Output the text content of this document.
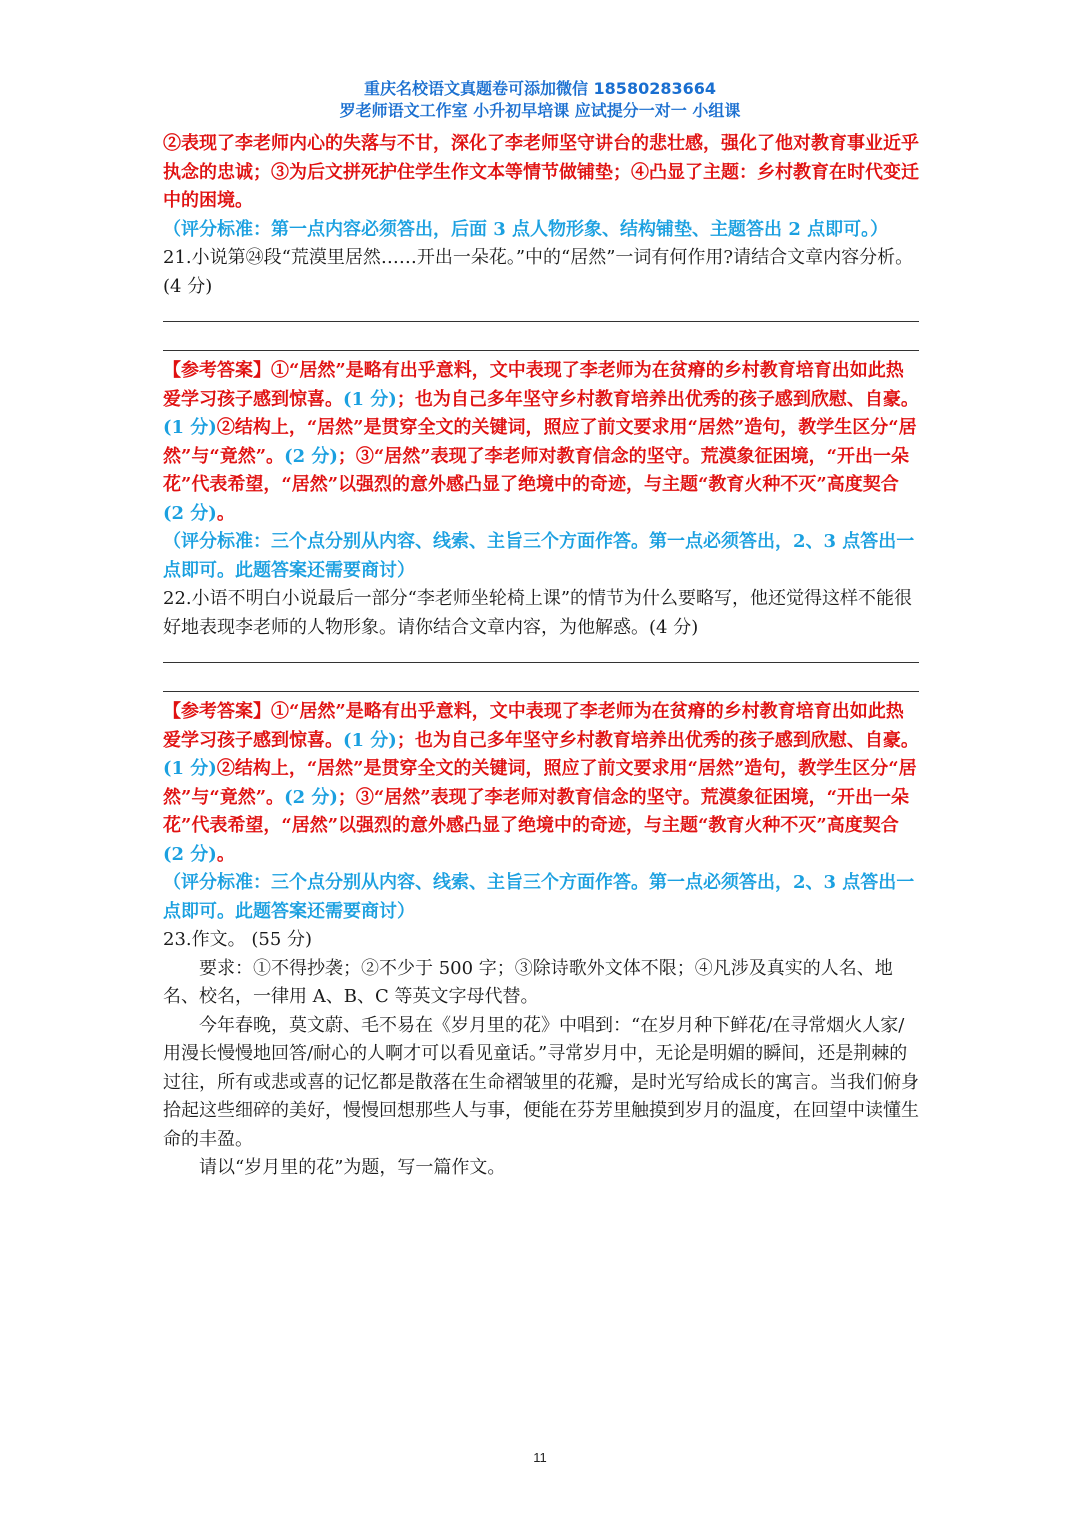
重庆名校语文真题卷可添加微信 18580283664
罗老师语文工作室 小升初早培课 应试提分一对一 小组课

②表现了李老师内心的失落与不甘，深化了李老师坚守讲台的悲壮感，强化了他对教育事业近乎执念的忠诚；③为后文拼死护住学生作文本等情节做铺垫；④凸显了主题：乡村教育在时代变迁中的困境。

（评分标准：第一点内容必须答出，后面 3 点人物形象、结构铺垫、主题答出 2 点即可。）

21.小说第㉔段“荒漠里居然……开出一朵花。”中的“居然”一词有何作用?请结合文章内容分析。(4 分)

【参考答案】①“居然”是略有出乎意料，文中表现了李老师为在贫瘠的乡村教育培育出如此热爱学习孩子感到惊喜。(1 分)；也为自己多年坚守乡村教育培养出优秀的孩子感到欣慰、自豪。(1 分)②结构上，“居然”是贯穿全文的关键词，照应了前文要求用“居然”造句，教学生区分“居然”与“竟然”。(2 分)；③“居然”表现了李老师对教育信念的坚守。荒漠象征困境，“开出一朵花”代表希望，“居然”以强烈的意外感凸显了绝境中的奇迹，与主题“教育火种不灭”高度契合(2 分)。

（评分标准：三个点分别从内容、线索、主旨三个方面作答。第一点必须答出，2、3 点答出一点即可。此题答案还需要商讨）

22.小语不明白小说最后一部分“李老师坐轮椅上课”的情节为什么要略写，他还觉得这样不能很好地表现李老师的人物形象。请你结合文章内容，为他解惑。(4 分)

【参考答案】①“居然”是略有出乎意料，文中表现了李老师为在贫瘠的乡村教育培育出如此热爱学习孩子感到惊喜。(1 分)；也为自己多年坚守乡村教育培养出优秀的孩子感到欣慰、自豪。(1 分)②结构上，“居然”是贯穿全文的关键词，照应了前文要求用“居然”造句，教学生区分“居然”与“竟然”。(2 分)；③“居然”表现了李老师对教育信念的坚守。荒漠象征困境，“开出一朵花”代表希望，“居然”以强烈的意外感凸显了绝境中的奇迹，与主题“教育火种不灭”高度契合(2 分)。

（评分标准：三个点分别从内容、线索、主旨三个方面作答。第一点必须答出，2、3 点答出一点即可。此题答案还需要商讨）

23.作文。 (55 分)

要求：①不得抄袭；②不少于 500 字；③除诗歌外文体不限；④凡涉及真实的人名、地名、校名，一律用 A、B、C 等英文字母代替。

今年春晚，莫文蔚、毛不易在《岁月里的花》中唱到：“在岁月种下鲜花/在寻常烟火人家/用漫长慢慢地回答/耐心的人啊才可以看见童话。”寻常岁月中，无论是明媚的瞬间，还是荆棘的过往，所有或悲或喜的记忆都是散落在生命褶皱里的花瓣，是时光写给成长的寓言。当我们俯身拾起这些细碎的美好，慢慢回想那些人与事，便能在芬芳里触摸到岁月的温度，在回望中读懂生命的丰盈。

请以“岁月里的花”为题，写一篇作文。

11
